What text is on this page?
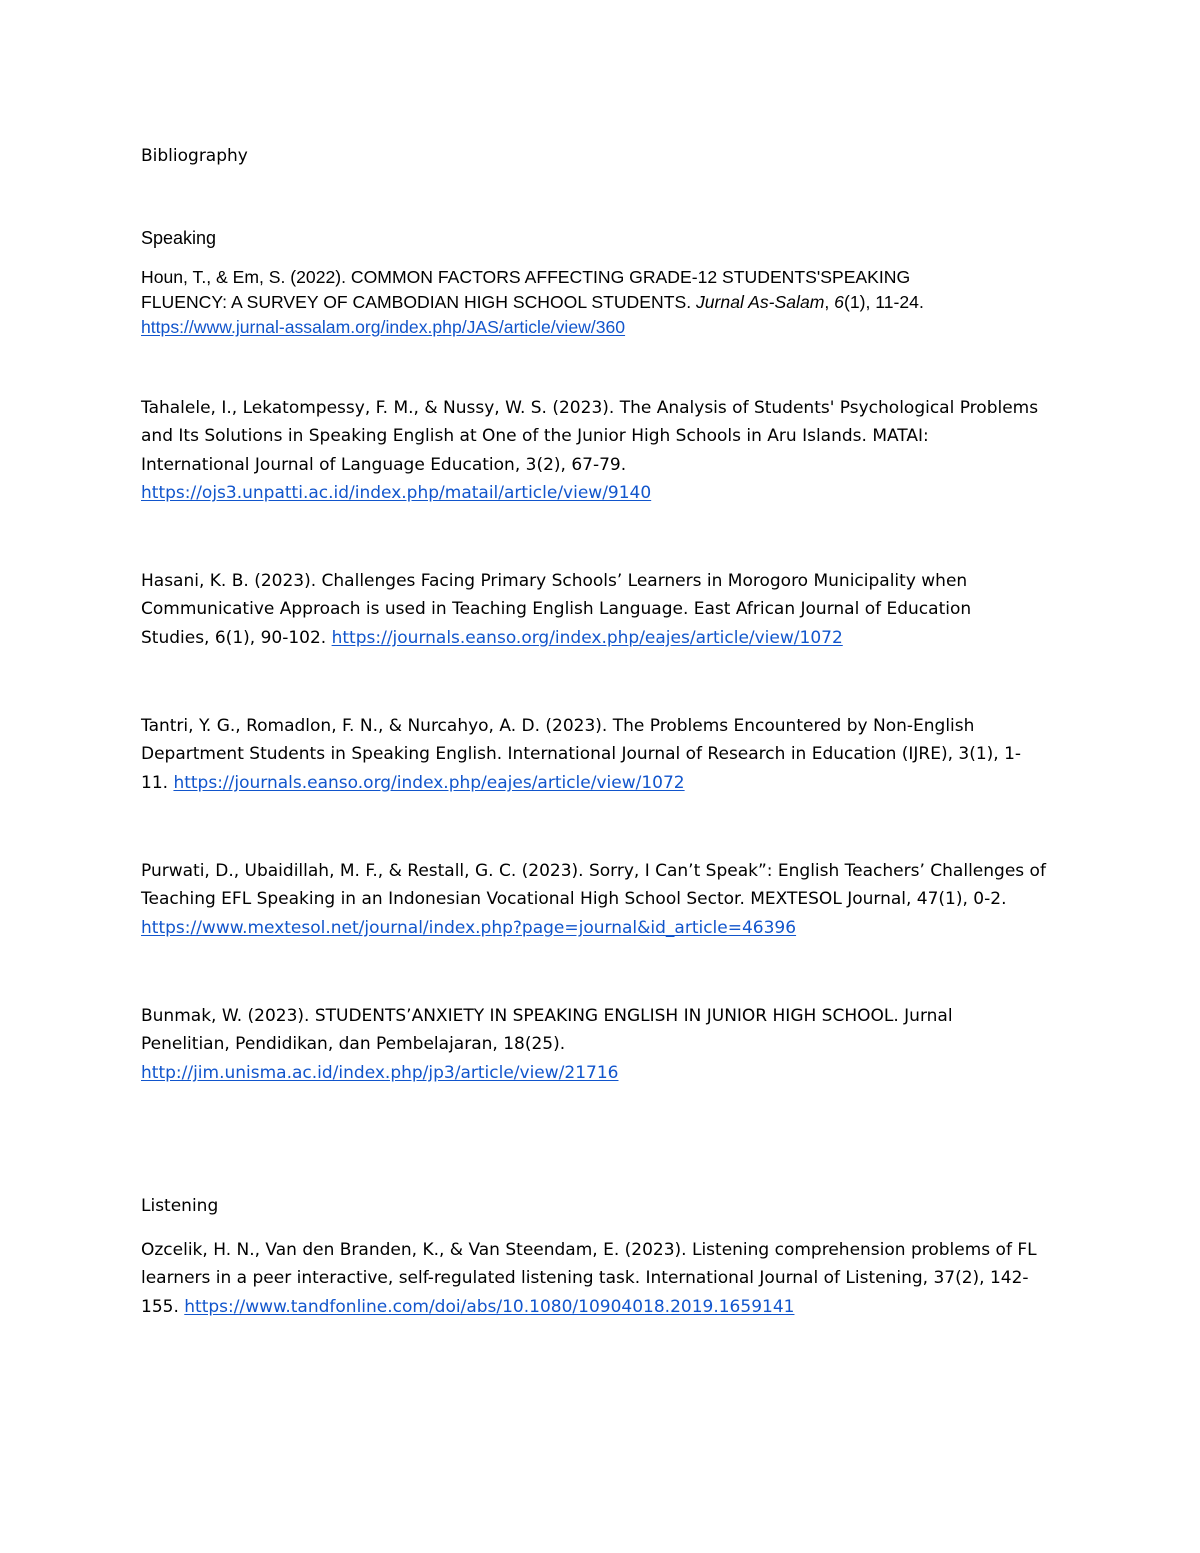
Bibliography
Speaking
Houn, T., & Em, S. (2022). COMMON FACTORS AFFECTING GRADE-12 STUDENTS'SPEAKING
FLUENCY: A SURVEY OF CAMBODIAN HIGH SCHOOL STUDENTS. Jurnal As-Salam, 6(1), 11-24.
https://www.jurnal-assalam.org/index.php/JAS/article/view/360
Tahalele, I., Lekatompessy, F. M., & Nussy, W. S. (2023). The Analysis of Students' Psychological Problems
and Its Solutions in Speaking English at One of the Junior High Schools in Aru Islands. MATAI:
International Journal of Language Education, 3(2), 67-79.
https://ojs3.unpatti.ac.id/index.php/matail/article/view/9140
Hasani, K. B. (2023). Challenges Facing Primary Schools’ Learners in Morogoro Municipality when
Communicative Approach is used in Teaching English Language. East African Journal of Education
Studies, 6(1), 90-102. https://journals.eanso.org/index.php/eajes/article/view/1072
Tantri, Y. G., Romadlon, F. N., & Nurcahyo, A. D. (2023). The Problems Encountered by Non-English
Department Students in Speaking English. International Journal of Research in Education (IJRE), 3(1), 1-
11. https://journals.eanso.org/index.php/eajes/article/view/1072
Purwati, D., Ubaidillah, M. F., & Restall, G. C. (2023). Sorry, I Can’t Speak”: English Teachers’ Challenges of
Teaching EFL Speaking in an Indonesian Vocational High School Sector. MEXTESOL Journal, 47(1), 0-2.
https://www.mextesol.net/journal/index.php?page=journal&id_article=46396
Bunmak, W. (2023). STUDENTS’ANXIETY IN SPEAKING ENGLISH IN JUNIOR HIGH SCHOOL. Jurnal
Penelitian, Pendidikan, dan Pembelajaran, 18(25).
http://jim.unisma.ac.id/index.php/jp3/article/view/21716
Listening
Ozcelik, H. N., Van den Branden, K., & Van Steendam, E. (2023). Listening comprehension problems of FL
learners in a peer interactive, self-regulated listening task. International Journal of Listening, 37(2), 142-
155. https://www.tandfonline.com/doi/abs/10.1080/10904018.2019.1659141
